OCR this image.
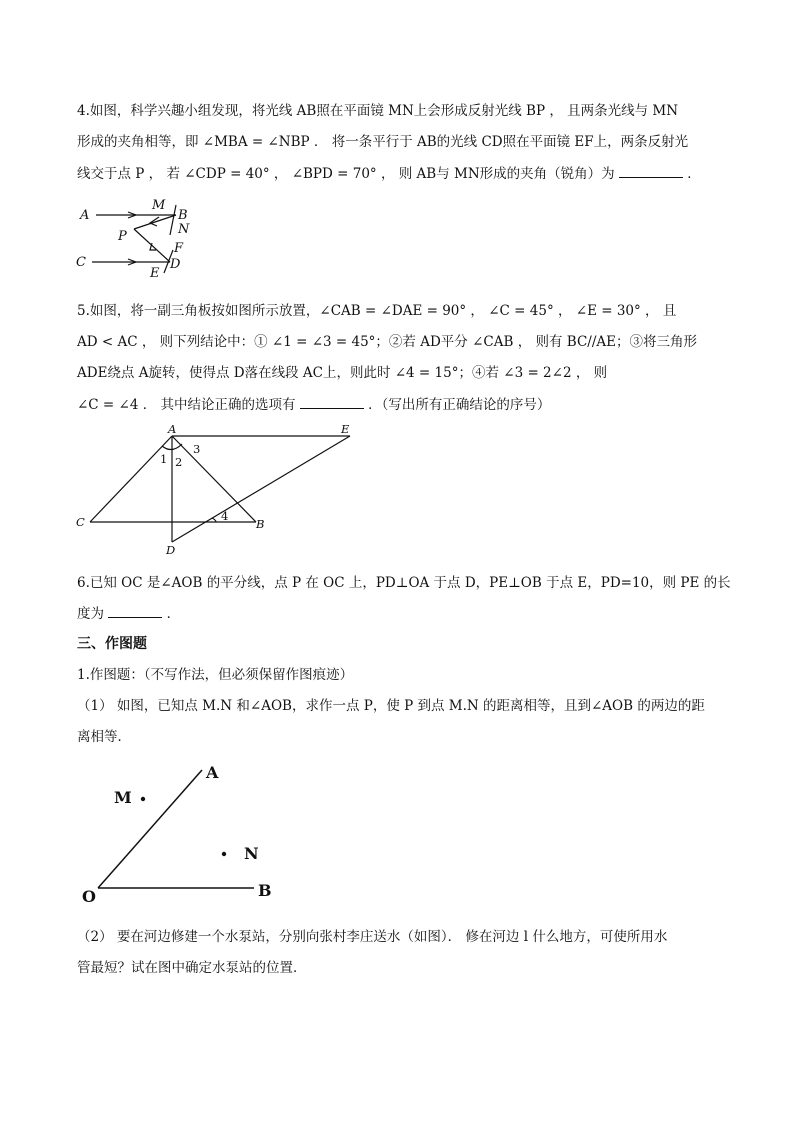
4.如图，科学兴趣小组发现，将光线 AB照在平面镜 MN上会形成反射光线 BP ， 且两条光线与 MN
形成的夹角相等，即 ∠MBA = ∠NBP ． 将一条平行于 AB的光线 CD照在平面镜 EF上，两条反射光
线交于点 P ， 若 ∠CDP = 40° ， ∠BPD = 70° ， 则 AB与 MN形成的夹角（锐角）为	．
A
M
B
N
P
F
C
E
D
5.如图，将一副三角板按如图所示放置，∠CAB = ∠DAE = 90° ， ∠C = 45° ， ∠E = 30° ， 且
AD < AC ， 则下列结论中：① ∠1 = ∠3 = 45°；②若 AD平分 ∠CAB ， 则有 BC//AE；③将三角形
ADE绕点 A旋转，使得点 D落在线段 AC上，则此时 ∠4 = 15°；④若 ∠3 = 2∠2 ， 则
∠C = ∠4 ． 其中结论正确的选项有	．（写出所有正确结论的序号）
A	E
C	B
D
1 2
3
4
6.已知 OC 是∠AOB 的平分线，点 P 在 OC 上，PD⊥OA 于点 D，PE⊥OB 于点 E，PD=10，则 PE 的长
度为	．
三、作图题
1.作图题：（不写作法，但必须保留作图痕迹）
（1） 如图，已知点 M.N 和∠AOB，求作一点 P，使 P 到点 M.N 的距离相等，且到∠AOB 的两边的距
离相等．
A
M
N
O	B
（2） 要在河边修建一个水泵站，分别向张村李庄送水（如图）． 修在河边 l 什么地方，可使所用水
管最短？试在图中确定水泵站的位置．
